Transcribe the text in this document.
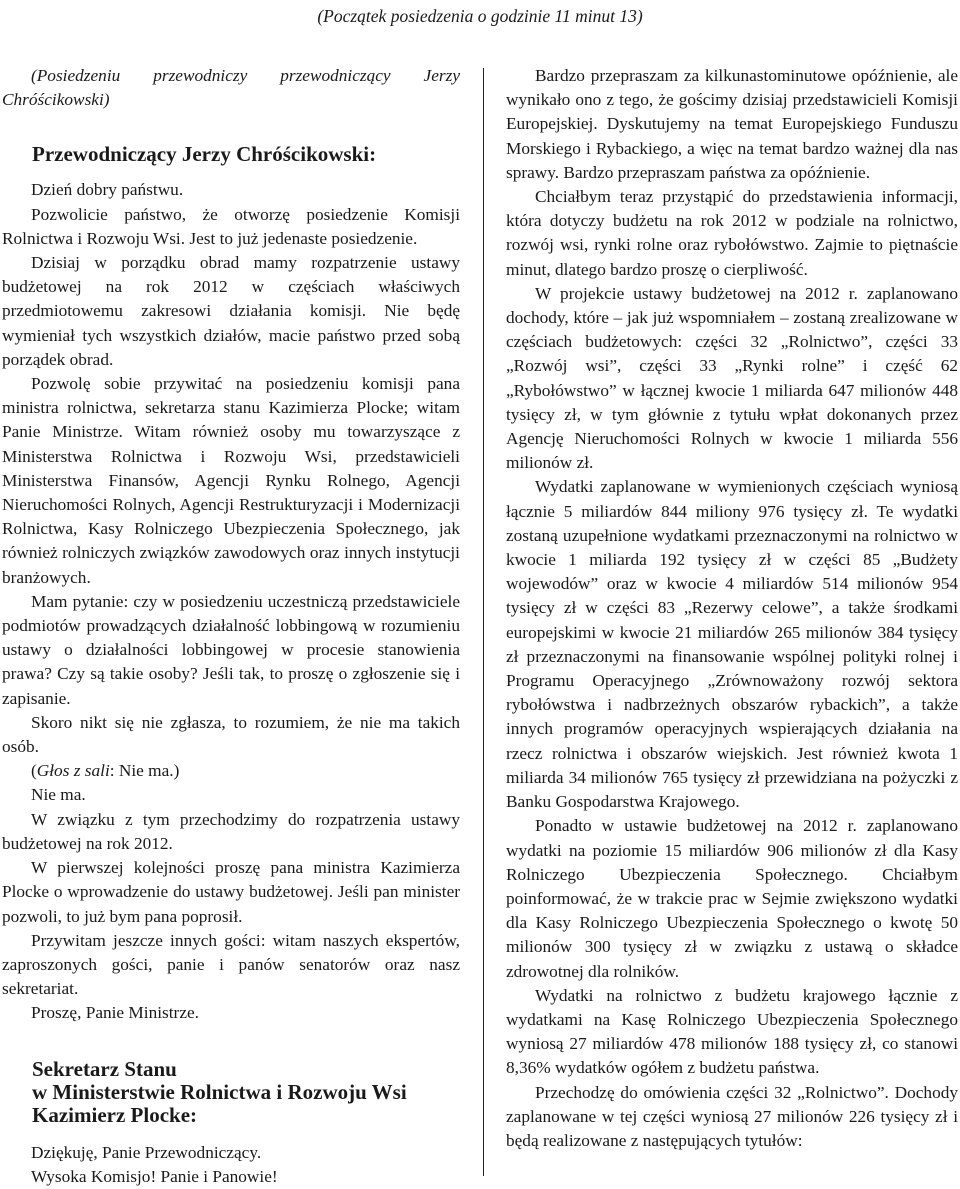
(Początek posiedzenia o godzinie 11 minut 13)

(Posiedzeniu przewodniczy przewodniczący Jerzy Chróścikowski)

Przewodniczący Jerzy Chróścikowski:

Dzień dobry państwu.

Pozwolicie państwo, że otworzę posiedzenie Komisji Rolnictwa i Rozwoju Wsi. Jest to już jedenaste posiedzenie.

Dzisiaj w porządku obrad mamy rozpatrzenie ustawy budżetowej na rok 2012 w częściach właściwych przedmiotowemu zakresowi działania komisji. Nie będę wymieniał tych wszystkich działów, macie państwo przed sobą porządek obrad.

Pozwolę sobie przywitać na posiedzeniu komisji pana ministra rolnictwa, sekretarza stanu Kazimierza Plocke; witam Panie Ministrze. Witam również osoby mu towarzyszące z Ministerstwa Rolnictwa i Rozwoju Wsi, przedstawicieli Ministerstwa Finansów, Agencji Rynku Rolnego, Agencji Nieruchomości Rolnych, Agencji Restrukturyzacji i Modernizacji Rolnictwa, Kasy Rolniczego Ubezpieczenia Społecznego, jak również rolniczych związków zawodowych oraz innych instytucji branżowych.

Mam pytanie: czy w posiedzeniu uczestniczą przedstawiciele podmiotów prowadzących działalność lobbingową w rozumieniu ustawy o działalności lobbingowej w procesie stanowienia prawa? Czy są takie osoby? Jeśli tak, to proszę o zgłoszenie się i zapisanie.

Skoro nikt się nie zgłasza, to rozumiem, że nie ma takich osób.

(Głos z sali: Nie ma.)

Nie ma.

W związku z tym przechodzimy do rozpatrzenia ustawy budżetowej na rok 2012.

W pierwszej kolejności proszę pana ministra Kazimierza Plocke o wprowadzenie do ustawy budżetowej. Jeśli pan minister pozwoli, to już bym pana poprosił.

Przywitam jeszcze innych gości: witam naszych ekspertów, zaproszonych gości, panie i panów senatorów oraz nasz sekretariat.

Proszę, Panie Ministrze.

Sekretarz Stanu
w Ministerstwie Rolnictwa i Rozwoju Wsi
Kazimierz Plocke:

Dziękuję, Panie Przewodniczący.

Wysoka Komisjo! Panie i Panowie!

Bardzo przepraszam za kilkunastominutowe opóźnienie, ale wynikało ono z tego, że gościmy dzisiaj przedstawicieli Komisji Europejskiej. Dyskutujemy na temat Europejskiego Funduszu Morskiego i Rybackiego, a więc na temat bardzo ważnej dla nas sprawy. Bardzo przepraszam państwa za opóźnienie.

Chciałbym teraz przystąpić do przedstawienia informacji, która dotyczy budżetu na rok 2012 w podziale na rolnictwo, rozwój wsi, rynki rolne oraz rybołówstwo. Zajmie to piętnaście minut, dlatego bardzo proszę o cierpliwość.

W projekcie ustawy budżetowej na 2012 r. zaplanowano dochody, które – jak już wspomniałem – zostaną zrealizowane w częściach budżetowych: części 32 „Rolnictwo”, części 33 „Rozwój wsi”, części 33 „Rynki rolne” i część 62 „Rybołówstwo” w łącznej kwocie 1 miliarda 647 milionów 448 tysięcy zł, w tym głównie z tytułu wpłat dokonanych przez Agencję Nieruchomości Rolnych w kwocie 1 miliarda 556 milionów zł.

Wydatki zaplanowane w wymienionych częściach wyniosą łącznie 5 miliardów 844 miliony 976 tysięcy zł. Te wydatki zostaną uzupełnione wydatkami przeznaczonymi na rolnictwo w kwocie 1 miliarda 192 tysięcy zł w części 85 „Budżety wojewodów” oraz w kwocie 4 miliardów 514 milionów 954 tysięcy zł w części 83 „Rezerwy celowe”, a także środkami europejskimi w kwocie 21 miliardów 265 milionów 384 tysięcy zł przeznaczonymi na finansowanie wspólnej polityki rolnej i Programu Operacyjnego „Zrównoważony rozwój sektora rybołówstwa i nadbrzeżnych obszarów rybackich”, a także innych programów operacyjnych wspierających działania na rzecz rolnictwa i obszarów wiejskich. Jest również kwota 1 miliarda 34 milionów 765 tysięcy zł przewidziana na pożyczki z Banku Gospodarstwa Krajowego.

Ponadto w ustawie budżetowej na 2012 r. zaplanowano wydatki na poziomie 15 miliardów 906 milionów zł dla Kasy Rolniczego Ubezpieczenia Społecznego. Chciałbym poinformować, że w trakcie prac w Sejmie zwiększono wydatki dla Kasy Rolniczego Ubezpieczenia Społecznego o kwotę 50 milionów 300 tysięcy zł w związku z ustawą o składce zdrowotnej dla rolników.

Wydatki na rolnictwo z budżetu krajowego łącznie z wydatkami na Kasę Rolniczego Ubezpieczenia Społecznego wyniosą 27 miliardów 478 milionów 188 tysięcy zł, co stanowi 8,36% wydatków ogółem z budżetu państwa.

Przechodzę do omówienia części 32 „Rolnictwo”. Dochody zaplanowane w tej części wyniosą 27 milionów 226 tysięcy zł i będą realizowane z następujących tytułów:
